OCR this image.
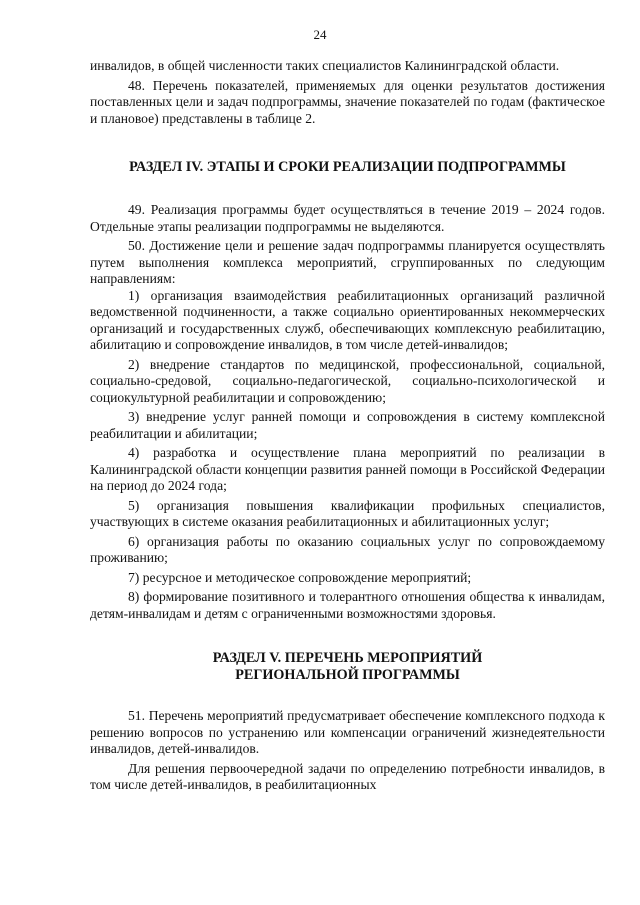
24

инвалидов, в общей численности таких специалистов Калининградской области.

48. Перечень показателей, применяемых для оценки результатов достижения поставленных цели и задач подпрограммы, значение показателей по годам (фактическое и плановое) представлены в таблице 2.

РАЗДЕЛ IV. ЭТАПЫ И СРОКИ РЕАЛИЗАЦИИ ПОДПРОГРАММЫ

49. Реализация программы будет осуществляться в течение 2019 – 2024 годов. Отдельные этапы реализации подпрограммы не выделяются.

50. Достижение цели и решение задач подпрограммы планируется осуществлять путем выполнения комплекса мероприятий, сгруппированных по следующим направлениям:

1) организация взаимодействия реабилитационных организаций различной ведомственной подчиненности, а также социально ориентированных некоммерческих организаций и государственных служб, обеспечивающих комплексную реабилитацию, абилитацию и сопровождение инвалидов, в том числе детей-инвалидов;

2) внедрение стандартов по медицинской, профессиональной, социальной, социально-средовой, социально-педагогической, социально-психологической и социокультурной реабилитации и сопровождению;

3) внедрение услуг ранней помощи и сопровождения в систему комплексной реабилитации и абилитации;

4) разработка и осуществление плана мероприятий по реализации в Калининградской области концепции развития ранней помощи в Российской Федерации на период до 2024 года;

5) организация повышения квалификации профильных специалистов, участвующих в системе оказания реабилитационных и абилитационных услуг;

6) организация работы по оказанию социальных услуг по сопровождаемому проживанию;

7) ресурсное и методическое сопровождение мероприятий;

8) формирование позитивного и толерантного отношения общества к инвалидам, детям-инвалидам и детям с ограниченными возможностями здоровья.

РАЗДЕЛ V. ПЕРЕЧЕНЬ МЕРОПРИЯТИЙ
РЕГИОНАЛЬНОЙ ПРОГРАММЫ

51. Перечень мероприятий предусматривает обеспечение комплексного подхода к решению вопросов по устранению или компенсации ограничений жизнедеятельности инвалидов, детей-инвалидов.

Для решения первоочередной задачи по определению потребности инвалидов, в том числе детей-инвалидов, в реабилитационных
